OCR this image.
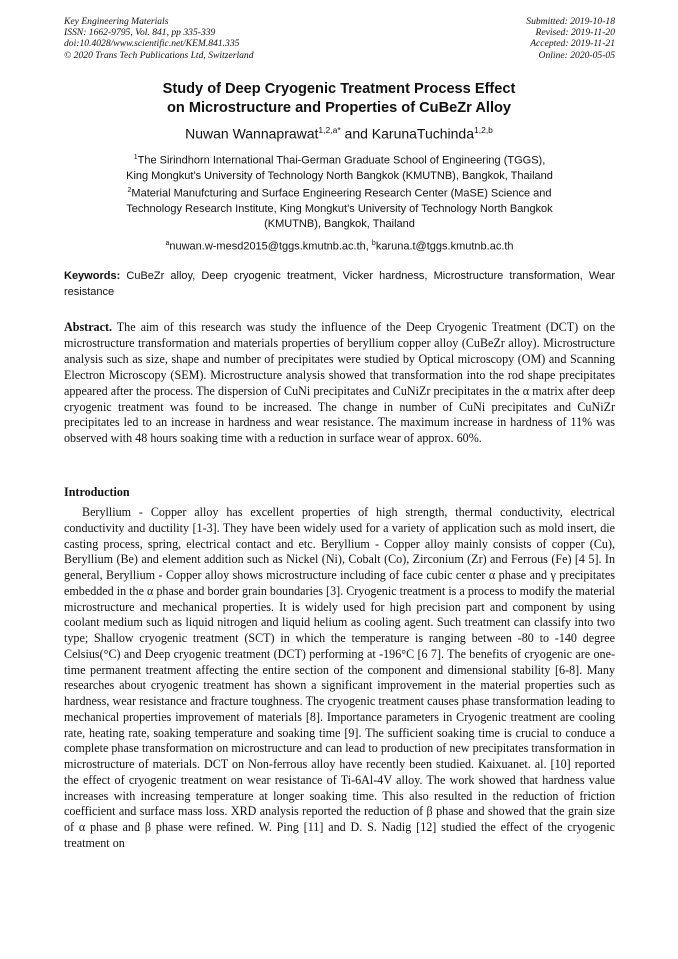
Key Engineering Materials
ISSN: 1662-9795, Vol. 841, pp 335-339
doi:10.4028/www.scientific.net/KEM.841.335
© 2020 Trans Tech Publications Ltd, Switzerland
Submitted: 2019-10-18
Revised: 2019-11-20
Accepted: 2019-11-21
Online: 2020-05-05
Study of Deep Cryogenic Treatment Process Effect
on Microstructure and Properties of CuBeZr Alloy
Nuwan Wannaprawat$^{1,2,a*}$ and KarunaTuchinda$^{1,2,b}$
$^1$The Sirindhorn International Thai-German Graduate School of Engineering (TGGS),
King Mongkut’s University of Technology North Bangkok (KMUTNB), Bangkok, Thailand
$^2$Material Manufcturing and Surface Engineering Research Center (MaSE) Science and
Technology Research Institute, King Mongkut’s University of Technology North Bangkok
(KMUTNB), Bangkok, Thailand
$^a$nuwan.w-mesd2015@tggs.kmutnb.ac.th, $^b$karuna.t@tggs.kmutnb.ac.th
Keywords: CuBeZr alloy, Deep cryogenic treatment, Vicker hardness, Microstructure transformation, Wear resistance
Abstract. The aim of this research was study the influence of the Deep Cryogenic Treatment (DCT) on the microstructure transformation and materials properties of beryllium copper alloy (CuBeZr alloy). Microstructure analysis such as size, shape and number of precipitates were studied by Optical microscopy (OM) and Scanning Electron Microscopy (SEM). Microstructure analysis showed that transformation into the rod shape precipitates appeared after the process. The dispersion of CuNi precipitates and CuNiZr precipitates in the α matrix after deep cryogenic treatment was found to be increased. The change in number of CuNi precipitates and CuNiZr precipitates led to an increase in hardness and wear resistance. The maximum increase in hardness of 11% was observed with 48 hours soaking time with a reduction in surface wear of approx. 60%.
Introduction

Beryllium - Copper alloy has excellent properties of high strength, thermal conductivity, electrical conductivity and ductility [1-3]. They have been widely used for a variety of application such as mold insert, die casting process, spring, electrical contact and etc. Beryllium - Copper alloy mainly consists of copper (Cu), Beryllium (Be) and element addition such as Nickel (Ni), Cobalt (Co), Zirconium (Zr) and Ferrous (Fe) [4 5]. In general, Beryllium - Copper alloy shows microstructure including of face cubic center α phase and γ precipitates embedded in the α phase and border grain boundaries [3]. Cryogenic treatment is a process to modify the material microstructure and mechanical properties. It is widely used for high precision part and component by using coolant medium such as liquid nitrogen and liquid helium as cooling agent. Such treatment can classify into two type; Shallow cryogenic treatment (SCT) in which the temperature is ranging between -80 to -140 degree Celsius(°C) and Deep cryogenic treatment (DCT) performing at -196°C [6 7]. The benefits of cryogenic are one-time permanent treatment affecting the entire section of the component and dimensional stability [6-8]. Many researches about cryogenic treatment has shown a significant improvement in the material properties such as hardness, wear resistance and fracture toughness. The cryogenic treatment causes phase transformation leading to mechanical properties improvement of materials [8]. Importance parameters in Cryogenic treatment are cooling rate, heating rate, soaking temperature and soaking time [9]. The sufficient soaking time is crucial to conduce a complete phase transformation on microstructure and can lead to production of new precipitates transformation in microstructure of materials. DCT on Non-ferrous alloy have recently been studied. Kaixuanet. al. [10] reported the effect of cryogenic treatment on wear resistance of Ti-6Al-4V alloy. The work showed that hardness value increases with increasing temperature at longer soaking time. This also resulted in the reduction of friction coefficient and surface mass loss. XRD analysis reported the reduction of β phase and showed that the grain size of α phase and β phase were refined. W. Ping [11] and D. S. Nadig [12] studied the effect of the cryogenic treatment on
